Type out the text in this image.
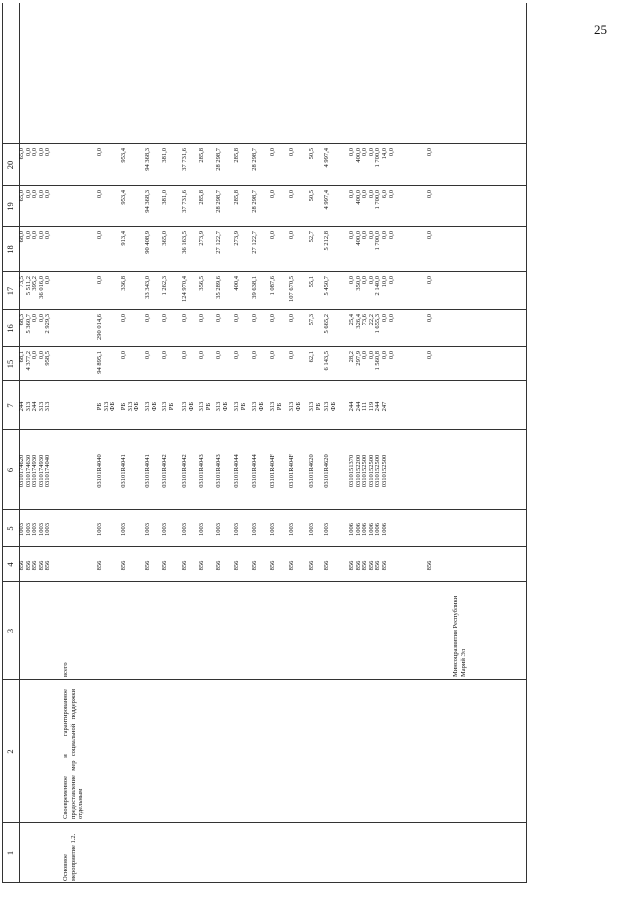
25
1
2
3
4
5
6
7
15
16
17
18
19
20
Основное мероприятие 1.2.
Своевременное и гарантированное предоставление мер социальной поддержки отдельным
всего	Минсоцразвития Республики Марий Эл
856
856
856
856
856
1003
1003
1003
1003
1003
0310174620
0310174630
0310174930
0310174930
0310174040
244
313
244
313
313
68,1
4 377,2
0,0
0,0
958,5
68,3
5 360,7
0,0
0,0
2 929,3
73,5
5 511,2
395,2
36 016,0
0,0
68,0
0,0
0,0
0,0
0,0
65,0
0,0
0,0
0,0
0,0
65,0
0,0
0,0
0,0
0,0
856
1003
03101R4040
РБ
313
ФБ
94 895,1
290 014,6
0,0
0,0
0,0
0,0
856
1003
03101R4041
РБ
313
ФБ
0,0
0,0
336,8
913,4
953,4
953,4
856
1003
03101R4041
313
ФБ
0,0
0,0
33 343,0
90 408,9
94 368,3
94 368,3
856
1003
03101R4042
313
РБ
0,0
0,0
1 262,3
365,0
381,0
381,0
856
1003
03101R4042
313
ФБ
0,0
0,0
124 970,4
36 163,5
37 731,6
37 731,6
856
1003
03101R4043
313
РБ
0,0
0,0
356,5
273,9
285,8
285,8
856
1003
03101R4043
313
ФБ
0,0
0,0
35 289,6
27 122,7
28 298,7
28 298,7
856
1003
03101R4044
313
РБ
0,0
0,0
400,4
273,9
285,8
285,8
856
1003
03101R4044
313
ФБ
0,0
0,0
39 638,1
27 122,7
28 298,7
28 298,7
856
1003
03101R404F
313
РБ
0,0
0,0
1 087,6
0,0
0,0
0,0
856
1003
03101R404F
313
ФБ
0,0
0,0
107 670,5
0,0
0,0
0,0
856
1003
03101R4620
313
РБ
62,1
57,3
55,1
52,7
50,5
50,5
856
1003
03101R4620
313
ФБ
6 143,5
5 665,2
5 450,7
5 212,8
4 997,4
4 997,4
856
856
856
856
856
856
1006
1006
1006
1006
1006
1006
0310151370
0310152200
0310152500
0310152500
0310152500
0310152500
244
244
111
119
244
247
28,2
297,9
0,0
0,0
1 560,8
0,0
25,4
326,4
73,6
22,2
1 655,3
0,0
0,0
350,0
0,0
0,0
2 140,0
10,0
0,0
400,0
0,0
0,0
1 700,0
0,0
0,0
400,0
0,0
0,0
1 700,0
6,0
0,0
400,0
0,0
0,0
1 700,0
14,0
0,0
0,0
0,0
0,0
0,0
0,0
856
0,0
0,0
0,0
0,0
0,0
0,0
